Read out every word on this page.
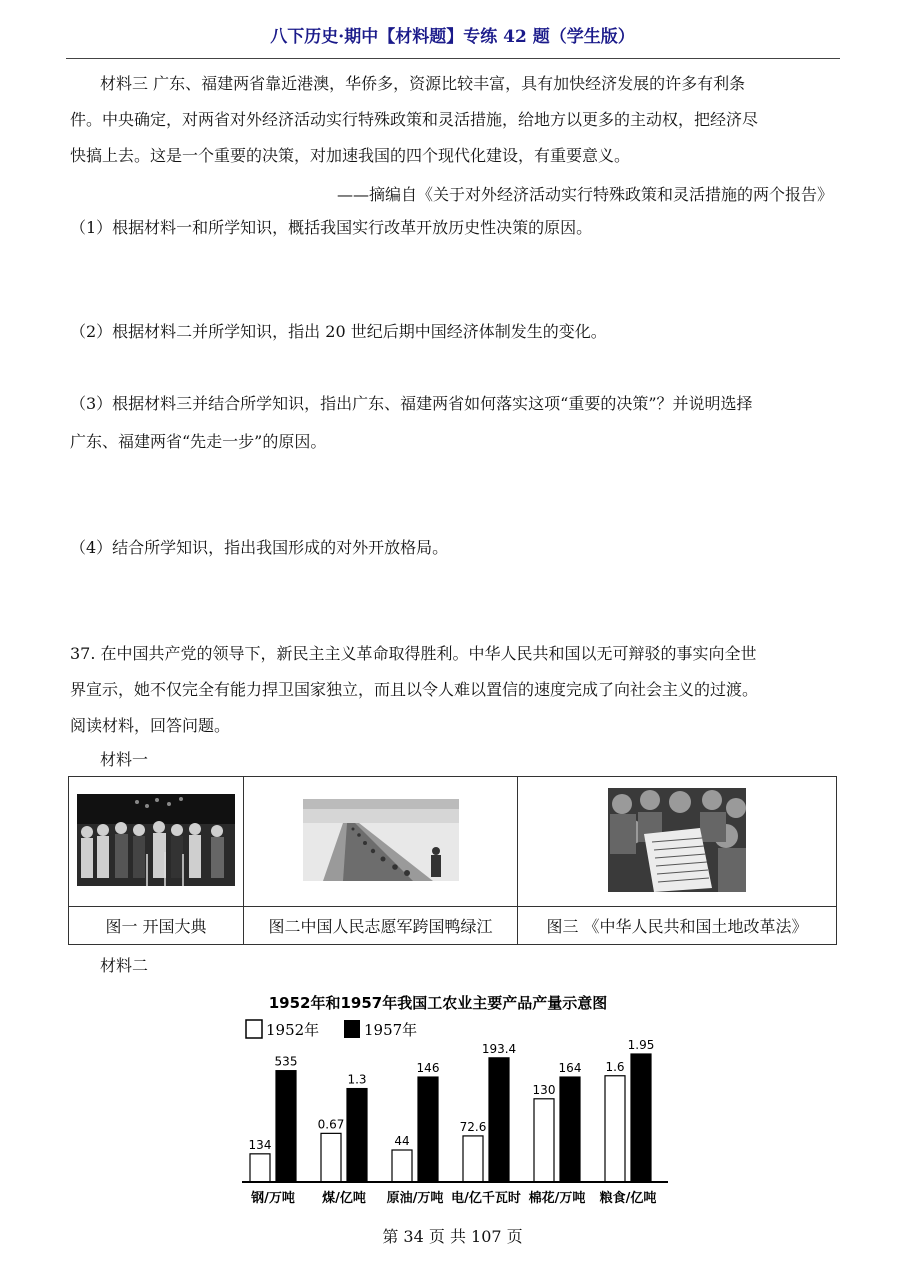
八下历史·期中【材料题】专练 42 题（学生版）
材料三 广东、福建两省靠近港澳，华侨多，资源比较丰富，具有加快经济发展的许多有利条
件。中央确定，对两省对外经济活动实行特殊政策和灵活措施，给地方以更多的主动权，把经济尽
快搞上去。这是一个重要的决策，对加速我国的四个现代化建设，有重要意义。
——摘编自《关于对外经济活动实行特殊政策和灵活措施的两个报告》
（1）根据材料一和所学知识，概括我国实行改革开放历史性决策的原因。
（2）根据材料二并所学知识，指出 20 世纪后期中国经济体制发生的变化。
（3）根据材料三并结合所学知识，指出广东、福建两省如何落实这项“重要的决策”？并说明选择
广东、福建两省“先走一步”的原因。
（4）结合所学知识，指出我国形成的对外开放格局。
37. 在中国共产党的领导下，新民主主义革命取得胜利。中华人民共和国以无可辩驳的事实向全世
界宣示，她不仅完全有能力捍卫国家独立，而且以令人难以置信的速度完成了向社会主义的过渡。
阅读材料，回答问题。
材料一

图一 开国大典	图二中国人民志愿军跨国鸭绿江	图三 《中华人民共和国土地改革法》
材料二
1952年和1957年我国工农业主要产品产量示意图
1952年	1957年
134
535
0.67
1.3
44
146
72.6
193.4
130
164 1.6
1.95
钢/万吨 煤/亿吨 原油/万吨 电/亿千瓦时 棉花/万吨 粮食/亿吨
第 34 页 共 107 页
